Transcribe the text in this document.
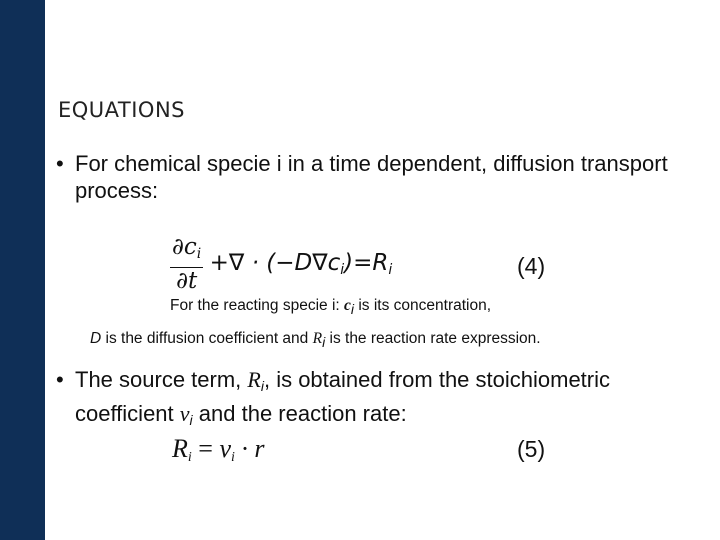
EQUATIONS
• For chemical specie i in a time dependent, diffusion transport process:
$\frac{\partial c_i}{\partial t}$ +∇ · $(-D\nabla c_i)=R_i$	(4)
For the reacting specie i: ci is its concentration,
D is the diffusion coefficient and Ri is the reaction rate expression.
• The source term, $R_i$, is obtained from the stoichiometric coefficient $v_i$ and the reaction rate:
$R_i = v_i \cdot r$	(5)
